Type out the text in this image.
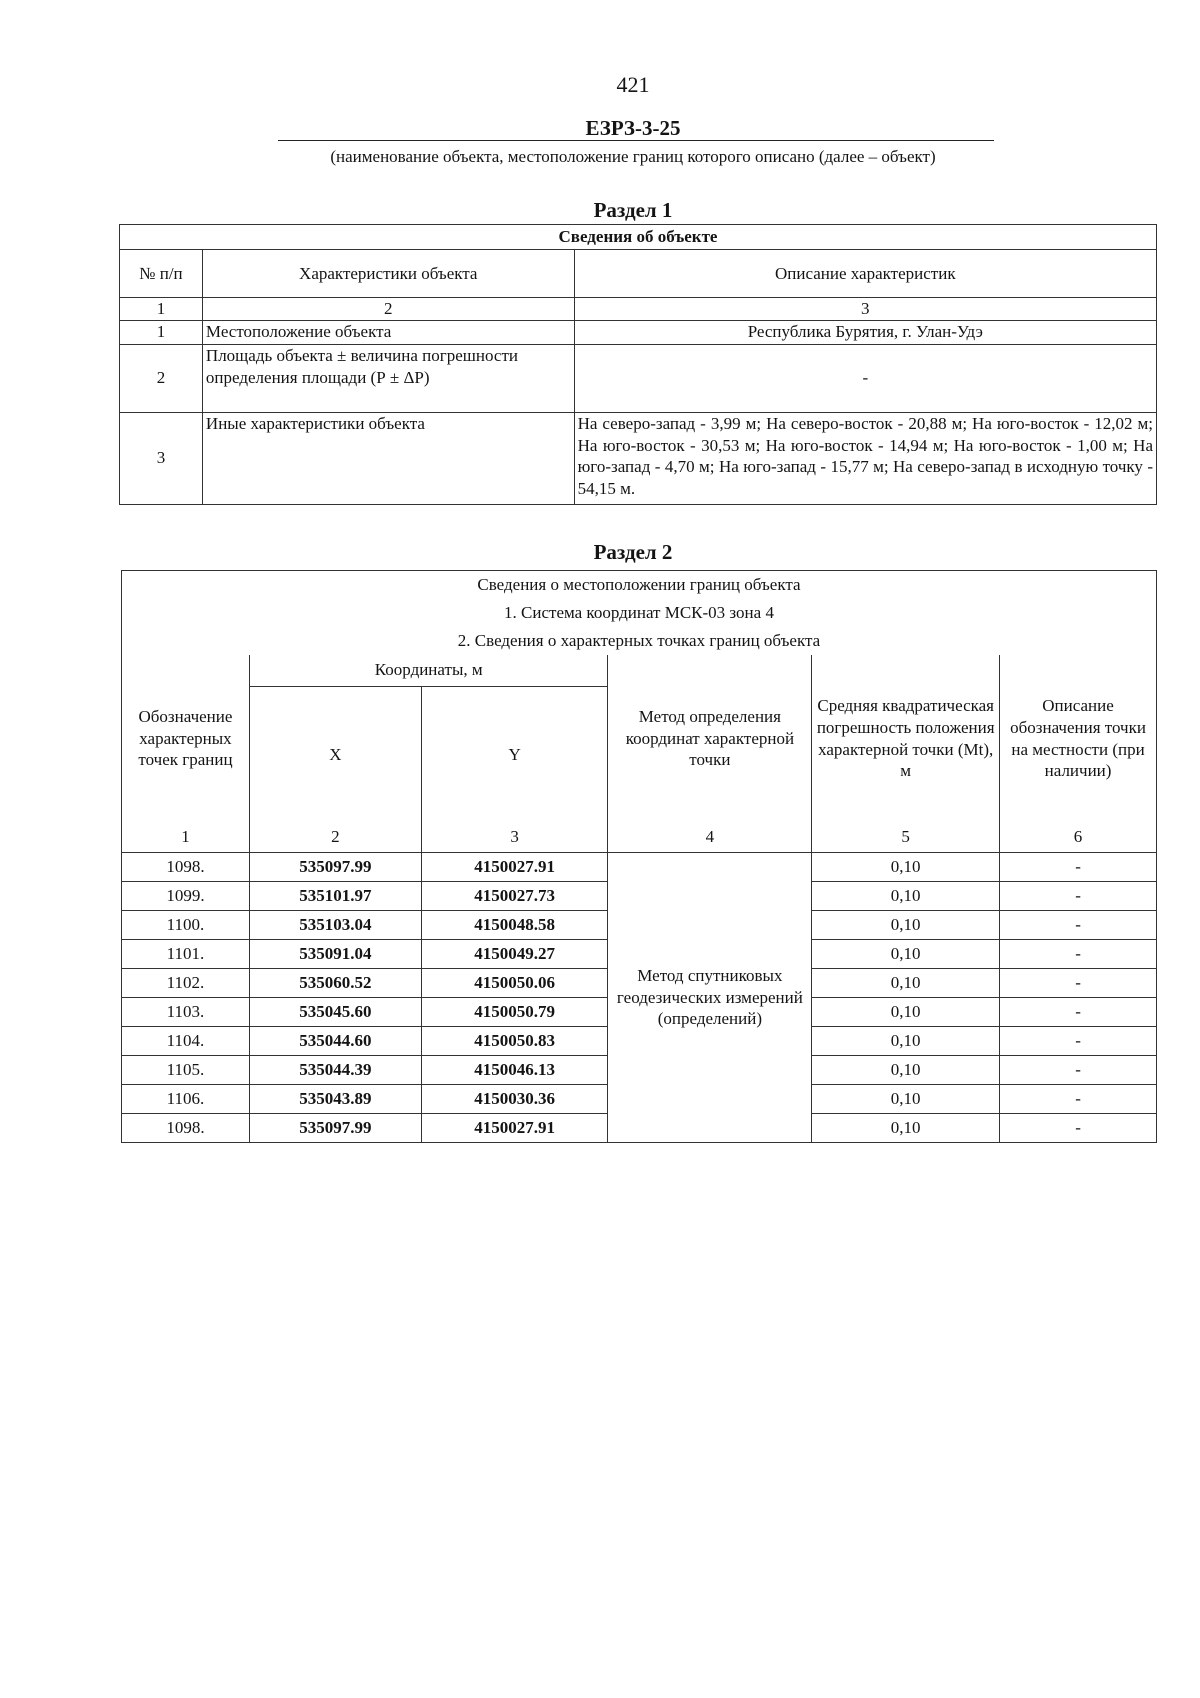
421
ЕЗРЗ-3-25
(наименование объекта, местоположение границ которого описано (далее – объект)
Раздел 1
Сведения об объекте		
№ п/п	Характеристики объекта	Описание характеристик
1	2	3
1	Местоположение объекта	Республика Бурятия, г. Улан-Удэ
2	Площадь объекта ± величина погрешности определения площади (Р ± ΔР)	-
3	Иные характеристики объекта	На северо-запад - 3,99 м; На северо-восток - 20,88 м; На юго-восток - 12,02 м; На юго-восток - 30,53 м; На юго-восток - 14,94 м; На юго-восток - 1,00 м; На юго-запад - 4,70 м; На юго-запад - 15,77 м; На северо-запад в исходную точку - 54,15 м.
Раздел 2
Сведения о местоположении границ объекта					
1. Система координат МСК-03 зона 4					
2. Сведения о характерных точках границ объекта					
Обозначение характерных точек границ	Координаты, м		Метод определения координат характерной точки	Средняя квадратическая погрешность положения характерной точки (Mt), м	Описание обозначения точки на местности (при наличии)
	X	Y			
1	2	3	4	5	6
1098.	535097.99	4150027.91	Метод спутниковых геодезических измерений (определений)	0,10	-
1099.	535101.97	4150027.73		0,10	-
1100.	535103.04	4150048.58		0,10	-
1101.	535091.04	4150049.27		0,10	-
1102.	535060.52	4150050.06		0,10	-
1103.	535045.60	4150050.79		0,10	-
1104.	535044.60	4150050.83		0,10	-
1105.	535044.39	4150046.13		0,10	-
1106.	535043.89	4150030.36		0,10	-
1098.	535097.99	4150027.91		0,10	-
